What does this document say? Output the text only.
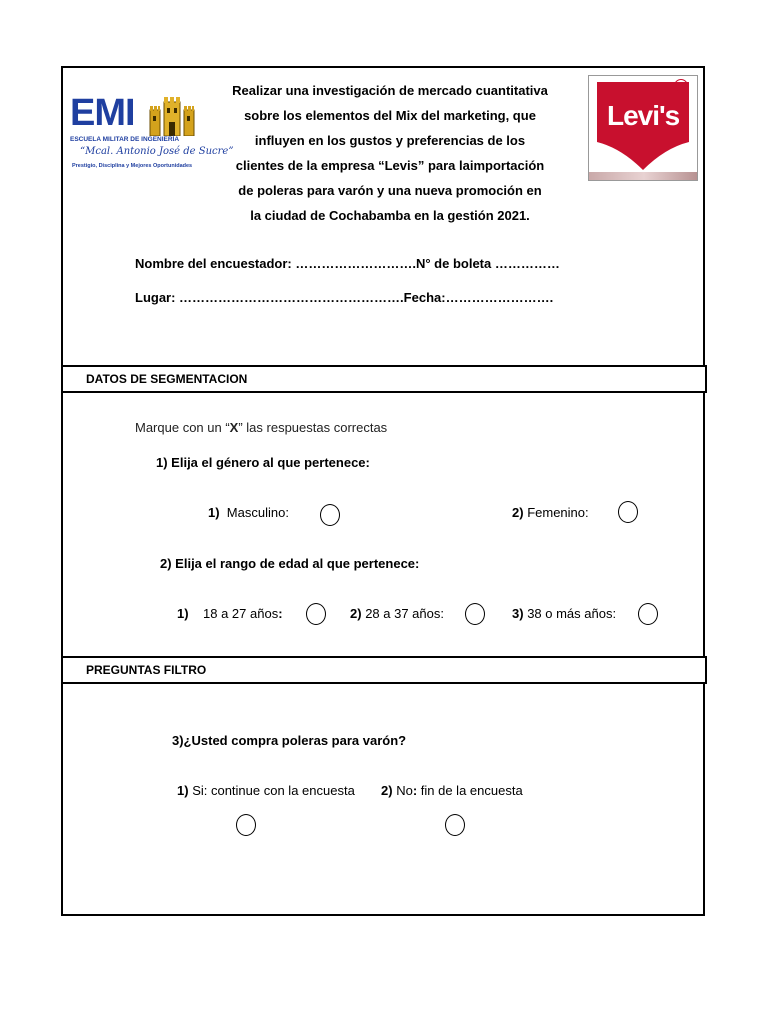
EMI
ESCUELA MILITAR DE INGENIERÍA
“Mcal. Antonio José de Sucre”
Prestigio, Disciplina y Mejores Oportunidades
Realizar una investigación de mercado cuantitativa
sobre los elementos del Mix del marketing, que
influyen en los gustos y preferencias de los
clientes de la empresa “Levis” para laimportación
de poleras para varón y una nueva promoción en
la ciudad de Cochabamba en la gestión 2021.
Levi's
R
Nombre del encuestador: ……………………….N° de boleta ……………
Lugar: …………………………………………….Fecha:…………………….
DATOS DE SEGMENTACION
Marque con un “X” las respuestas correctas
1) Elija el género al que pertenece:
1) Masculino:	2) Femenino:
2) Elija el rango de edad al que pertenece:
1) 18 a 27 años:	2) 28 a 37 años:	3) 38 o más años:
PREGUNTAS FILTRO
3)¿Usted compra poleras para varón?
1) Si: continue con la encuesta 2) No: fin de la encuesta
